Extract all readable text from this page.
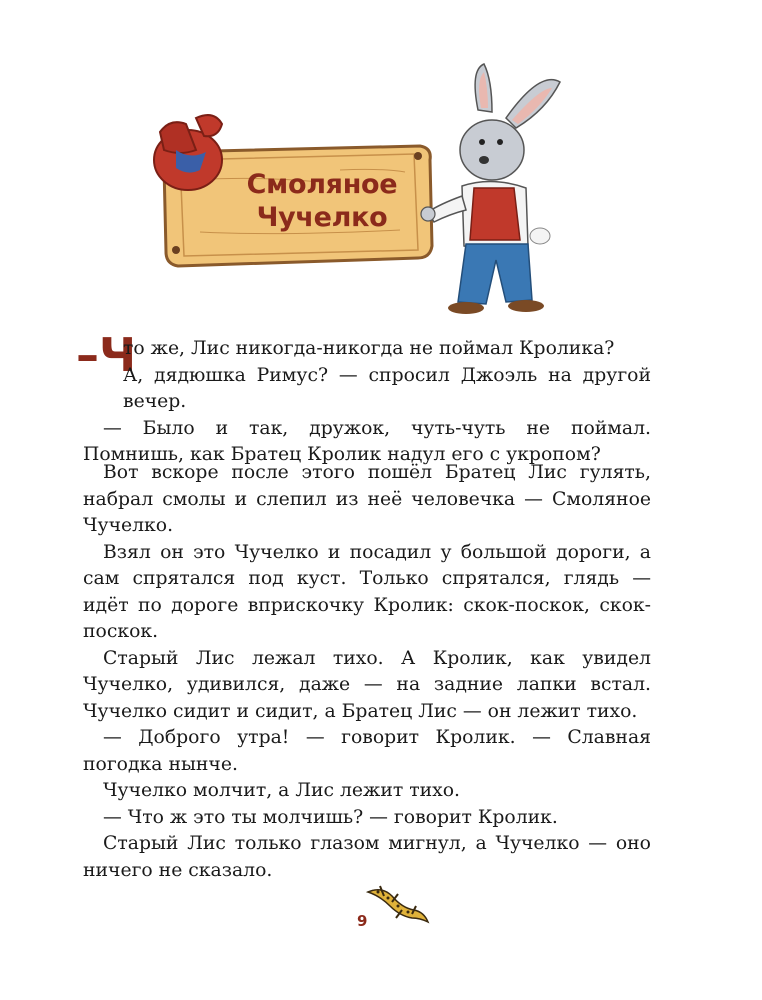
Смоляное
Чучелко
–Ч

то же, Лис никогда-никогда не поймал Кролика?
А, дядюшка Римус? — спросил Джоэль на другой вечер.

— Было и так, дружок, чуть-чуть не поймал. Помнишь, как Братец Кролик надул его с укропом?

Вот вскоре после этого пошёл Братец Лис гулять, набрал смолы и слепил из неё человечка — Смоляное Чучелко.

Взял он это Чучелко и посадил у большой дороги, а сам спрятался под куст. Только спрятался, глядь — идёт по дороге вприскочку Кролик: скок-поскок, скок-поскок.

Старый Лис лежал тихо. А Кролик, как увидел Чучелко, удивился, даже — на задние лапки встал. Чучелко сидит и сидит, а Братец Лис — он лежит тихо.

— Доброго утра! — говорит Кролик. — Славная погодка нынче.

Чучелко молчит, а Лис лежит тихо.

— Что ж это ты молчишь? — говорит Кролик.

Старый Лис только глазом мигнул, а Чучелко — оно ничего не сказало.

9
